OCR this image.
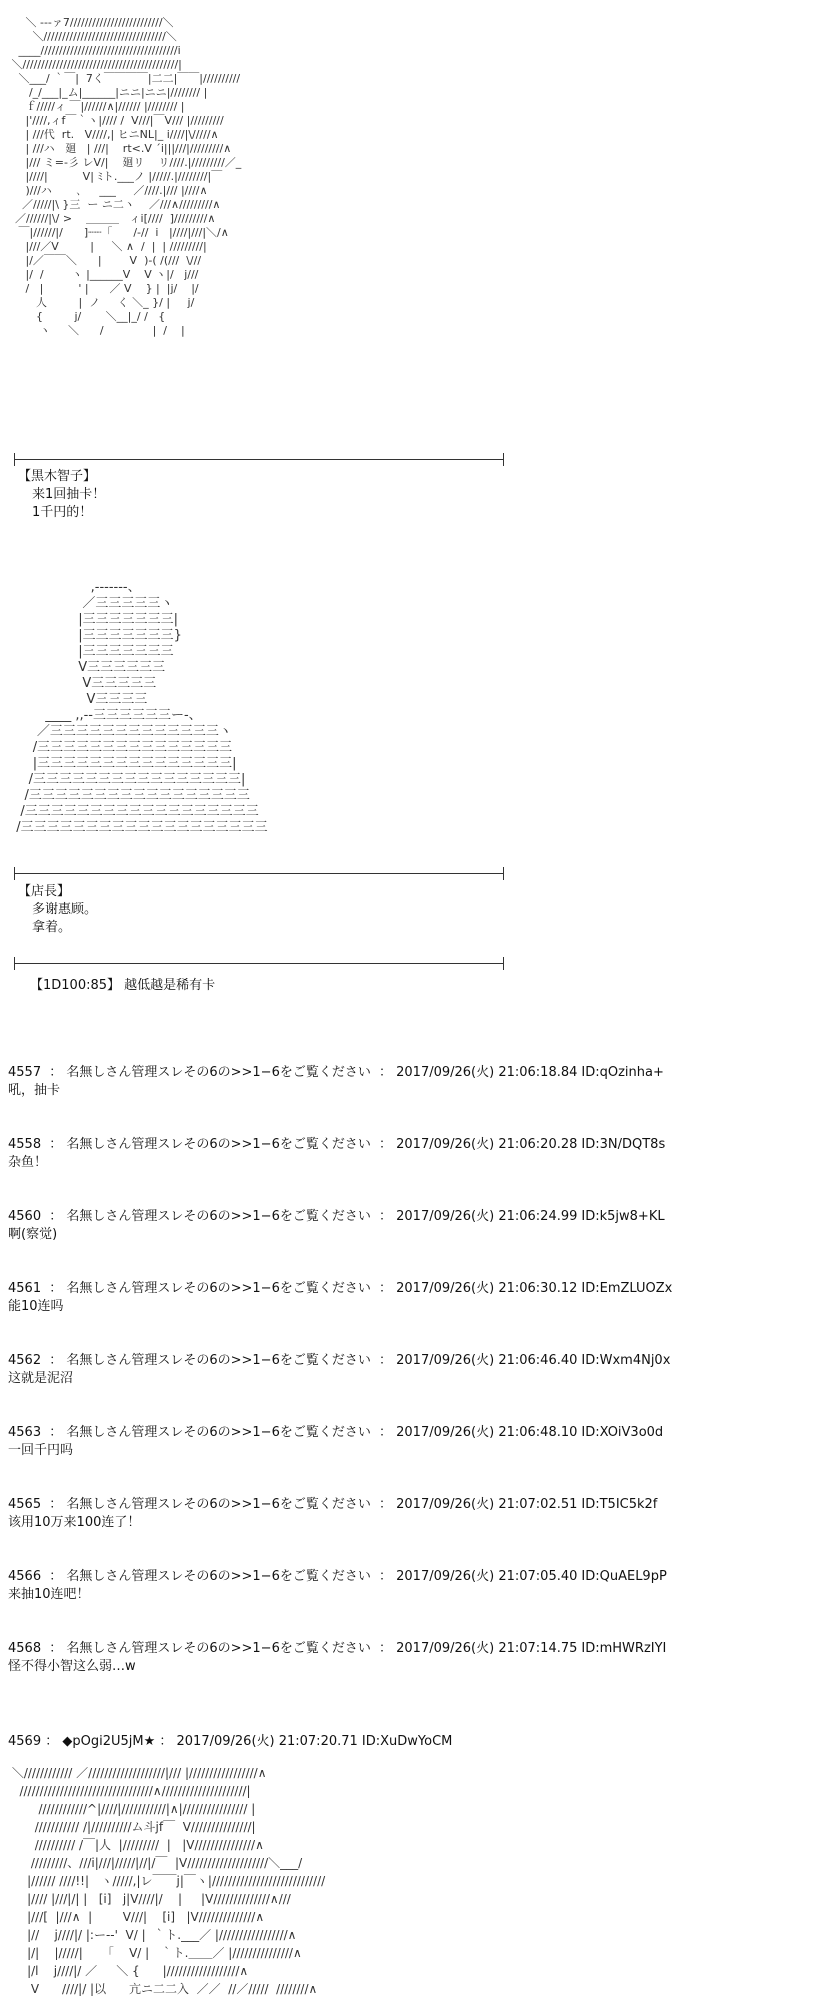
＼ ---ァ7/////////////////////////＼
＼/////////////////////////////////＼
____/////////////////////////////////////i
＼//////////////////////////////////////////|
＼___/ ｀￣|  7く￣￣￣￣|二二|￣￣|//////////
/_/___|_ム|______|ニニ|ニニ|//////// |
ｆ/////ィ ￣|//////∧|////// |//////// |
|'////,ィf￣｀ヽ|//// /  V///|￣V/// |/////////
| ///代  rt.   V////,| ヒニNL|_ i////|\/////∧
| ///ハ   廻   | ///|    rt<.V ´i|||///|/////////∧
|/// ミ=-彡 レV/|    廻リ    リ////.|/////////／_
|////|          V| ﾐト.___ノ |/////.|////////|￣
)///ハ       ､     ___     ／////.|/// |////∧
／/////|\ }三  ー ニ二ヽ    ／///∧/////////∧
／//////|\/ >    ＿＿＿   ィi[////  ]/////////∧
￣|//////|/      ]┈┈「      /-//  i   |////|///|＼/∧
|///／V         |     ＼ ∧  /  |  | /////////|
|/／￣￣＼      |        V  )-( /(///  \///
|/  /        ヽ |______V    V ヽ|/   j///
/   |          ' |      ／ V    } |  |j/    |/
人         |  ノ     く ＼_ }/ |     j/
{         j/       ＼__|_/ /   {
ヽ     ＼      /              |  /    |
【黒木智子】
来1回抽卡！
1千円的！
,-‐‐‐‐‐‐、
／三三三三三ヽ
|三三三三三三三|
|三三三三三三三}
|三三三三三三三
V三三三三三三
V三三三三三
V三三三三
____ ,,-‐三三三三三三ー-、
／三三三三三三三三三三三三三ヽ
/三三三三三三三三三三三三三三三
|三三三三三三三三三三三三三三三|
/三三三三三三三三三三三三三三三三|
/三三三三三三三三三三三三三三三三三
/三三三三三三三三三三三三三三三三三三
/三三三三三三三三三三三三三三三三三三三
【店長】
多谢惠顾。
拿着。
【1D100:85】 越低越是稀有卡
4557 ： 名無しさん管理スレその6の>>1−6をご覧ください ： 2017/09/26(火) 21:06:18.84 ID:qOzinha+
吼，抽卡
4558 ： 名無しさん管理スレその6の>>1−6をご覧ください ： 2017/09/26(火) 21:06:20.28 ID:3N/DQT8s
杂鱼！
4560 ： 名無しさん管理スレその6の>>1−6をご覧ください ： 2017/09/26(火) 21:06:24.99 ID:k5jw8+KL
啊(察觉)
4561 ： 名無しさん管理スレその6の>>1−6をご覧ください ： 2017/09/26(火) 21:06:30.12 ID:EmZLUOZx
能10连吗
4562 ： 名無しさん管理スレその6の>>1−6をご覧ください ： 2017/09/26(火) 21:06:46.40 ID:Wxm4Nj0x
这就是泥沼
4563 ： 名無しさん管理スレその6の>>1−6をご覧ください ： 2017/09/26(火) 21:06:48.10 ID:XOiV3o0d
一回千円吗
4565 ： 名無しさん管理スレその6の>>1−6をご覧ください ： 2017/09/26(火) 21:07:02.51 ID:T5IC5k2f
该用10万来100连了！
4566 ： 名無しさん管理スレその6の>>1−6をご覧ください ： 2017/09/26(火) 21:07:05.40 ID:QuAEL9pP
来抽10连吧！
4568 ： 名無しさん管理スレその6の>>1−6をご覧ください ： 2017/09/26(火) 21:07:14.75 ID:mHWRzIYI
怪不得小智这么弱…w
4569 ： ◆pOgi2U5jM★ ： 2017/09/26(火) 21:07:20.71 ID:XuDwYoCM
＼//////////// ／///////////////////|/// |/////////////////∧
/////////////////////////////////∧/////////////////////|
////////////^|////|///////////|∧|//////////////// |
/////////// /|//////////ム斗jf￣  V///////////////|
////////// /￣|人  |/////////  |   |V///////////////∧
/////////、///i|///|/////|//|/￣  |V////////////////////＼___/
|////// ////!!|   ヽ/////,|レ￣￣j|￣ヽ|////////////////////////////
|//// |///|/| |   [i]   j|V////|/    |     |V//////////////∧///
|///[  |///∧  |        V///|    [i]   |V//////////////∧
|//    j////|/ |:ー-‐'  V/ |  ｀ト.___／ |/////////////////∧
|/|    |/////|     「    V/ |   ｀ト.＿＿／ |///////////////∧
|/l    j////|/ ／     ＼ {      |//////////////////∧
V      ////|/ |以      亢ニ二二入  ／／  //／/////  ////////∧
